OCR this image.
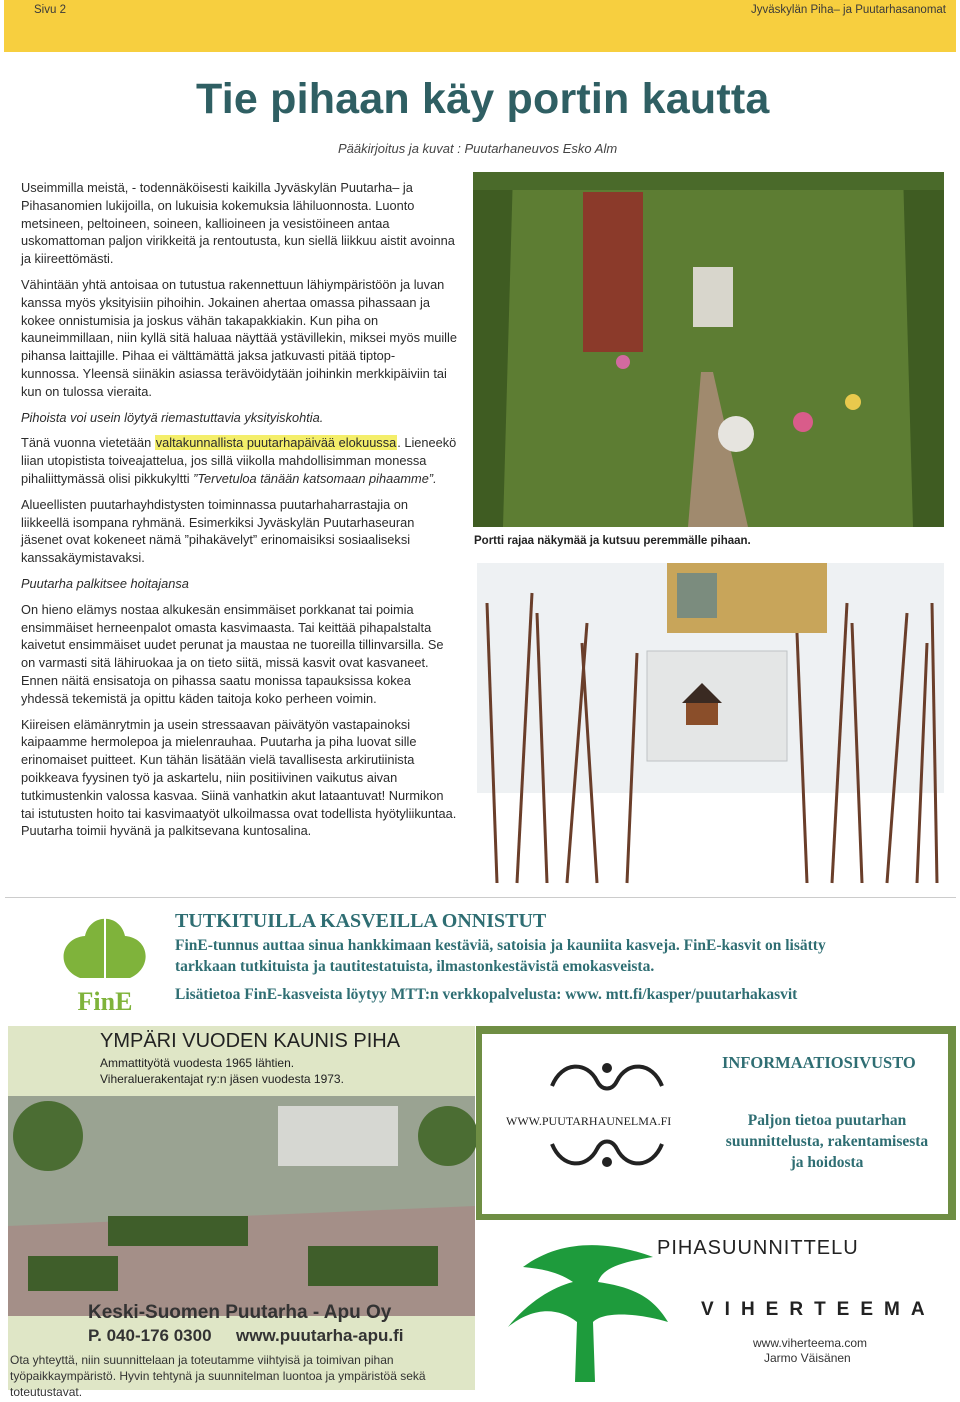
Sivu 2	Jyväskylän Piha– ja Puutarhasanomat
Tie pihaan käy portin kautta
Pääkirjoitus ja kuvat : Puutarhaneuvos Esko Alm

Useimmilla meistä, - todennäköisesti kaikilla Jyväskylän Puutarha– ja Pihasanomien lukijoilla, on lukuisia kokemuksia lähiluonnosta. Luonto metsineen, peltoineen, soineen, kallioineen ja vesistöineen antaa uskomattoman paljon virikkeitä ja rentoutusta, kun siellä liikkuu aistit avoinna ja kiireettömästi.

Vähintään yhtä antoisaa on tutustua rakennettuun lähiympäristöön ja luvan kanssa myös yksityisiin pihoihin. Jokainen ahertaa omassa pihassaan ja kokee onnistumisia ja joskus vähän takapakkiakin. Kun piha on kauneimmillaan, niin kyllä sitä haluaa näyttää ystävillekin, miksei myös muille pihansa laittajille. Pihaa ei välttämättä jaksa jatkuvasti pitää tiptop- kunnossa. Yleensä siinäkin asiassa terävöidytään joihinkin merkkipäiviin tai kun on tulossa vieraita.

Pihoista voi usein löytyä riemastuttavia yksityiskohtia.

Tänä vuonna vietetään valtakunnallista puutarhapäivää elokuussa. Lieneekö liian utopistista toiveajattelua, jos sillä viikolla mahdollisimman monessa pihaliittymässä olisi pikkukyltti ”Tervetuloa tänään katsomaan pihaamme”.

Alueellisten puutarhayhdistysten toiminnassa puutarhaharrastajia on liikkeellä isompana ryhmänä. Esimerkiksi Jyväskylän Puutarhaseuran jäsenet ovat kokeneet nämä ”pihakävelyt” erinomaisiksi sosiaaliseksi kanssakäymistavaksi.

Puutarha palkitsee hoitajansa

On hieno elämys nostaa alkukesän ensimmäiset porkkanat tai poimia ensimmäiset herneenpalot omasta kasvimaasta. Tai keittää pihapalstalta kaivetut ensimmäiset uudet perunat ja maustaa ne tuoreilla tillinvarsilla. Se on varmasti sitä lähiruokaa ja on tieto siitä, missä kasvit ovat kasvaneet. Ennen näitä ensisatoja on pihassa saatu monissa tapauksissa kokea yhdessä tekemistä ja opittu käden taitoja koko perheen voimin.

Kiireisen elämänrytmin ja usein stressaavan päivätyön vastapainoksi kaipaamme hermolepoa ja mielenrauhaa. Puutarha ja piha luovat sille erinomaiset puitteet. Kun tähän lisätään vielä tavallisesta arkirutiinista poikkeava fyysinen työ ja askartelu, niin positiivinen vaikutus aivan tutkimustenkin valossa kasvaa. Siinä vanhatkin akut lataantuvat! Nurmikon tai istutusten hoito tai kasvimaatyöt ulkoilmassa ovat todellista hyötyliikuntaa. Puutarha toimii hyvänä ja palkitsevana kuntosalina.

Portti rajaa näkymää ja kutsuu peremmälle pihaan.
FinE
TUTKITUILLA KASVEILLA ONNISTUT
FinE-tunnus auttaa sinua hankkimaan kestäviä, satoisia ja kauniita kasveja. FinE-kasvit on lisätty
tarkkaan tutkituista ja tautitestatuista, ilmastonkestävistä emokasveista.
Lisätietoa FinE-kasveista löytyy MTT:n verkkopalvelusta: www. mtt.fi/kasper/puutarhakasvit
YMPÄRI VUODEN KAUNIS PIHA
Ammattityötä vuodesta 1965 lähtien.
Viheraluerakentajat ry:n jäsen vuodesta 1973.
Keski-Suomen Puutarha - Apu Oy
P. 040-176 0300 www.puutarha-apu.fi
Ota yhteyttä, niin suunnittelaan ja toteutamme viihtyisä ja toimivan pihan työpaikkaympäristö. Hyvin tehtynä ja suunnitelman luontoa ja ympäristöä sekä toteutustavat.
WWW.PUUTARHAUNELMA.FI
INFORMAATIOSIVUSTO
Paljon tietoa puutarhan suunnittelusta, rakentamisesta ja hoidosta
PIHASUUNNITTELU
VIHERTEEMA
www.viherteema.com
Jarmo Väisänen
